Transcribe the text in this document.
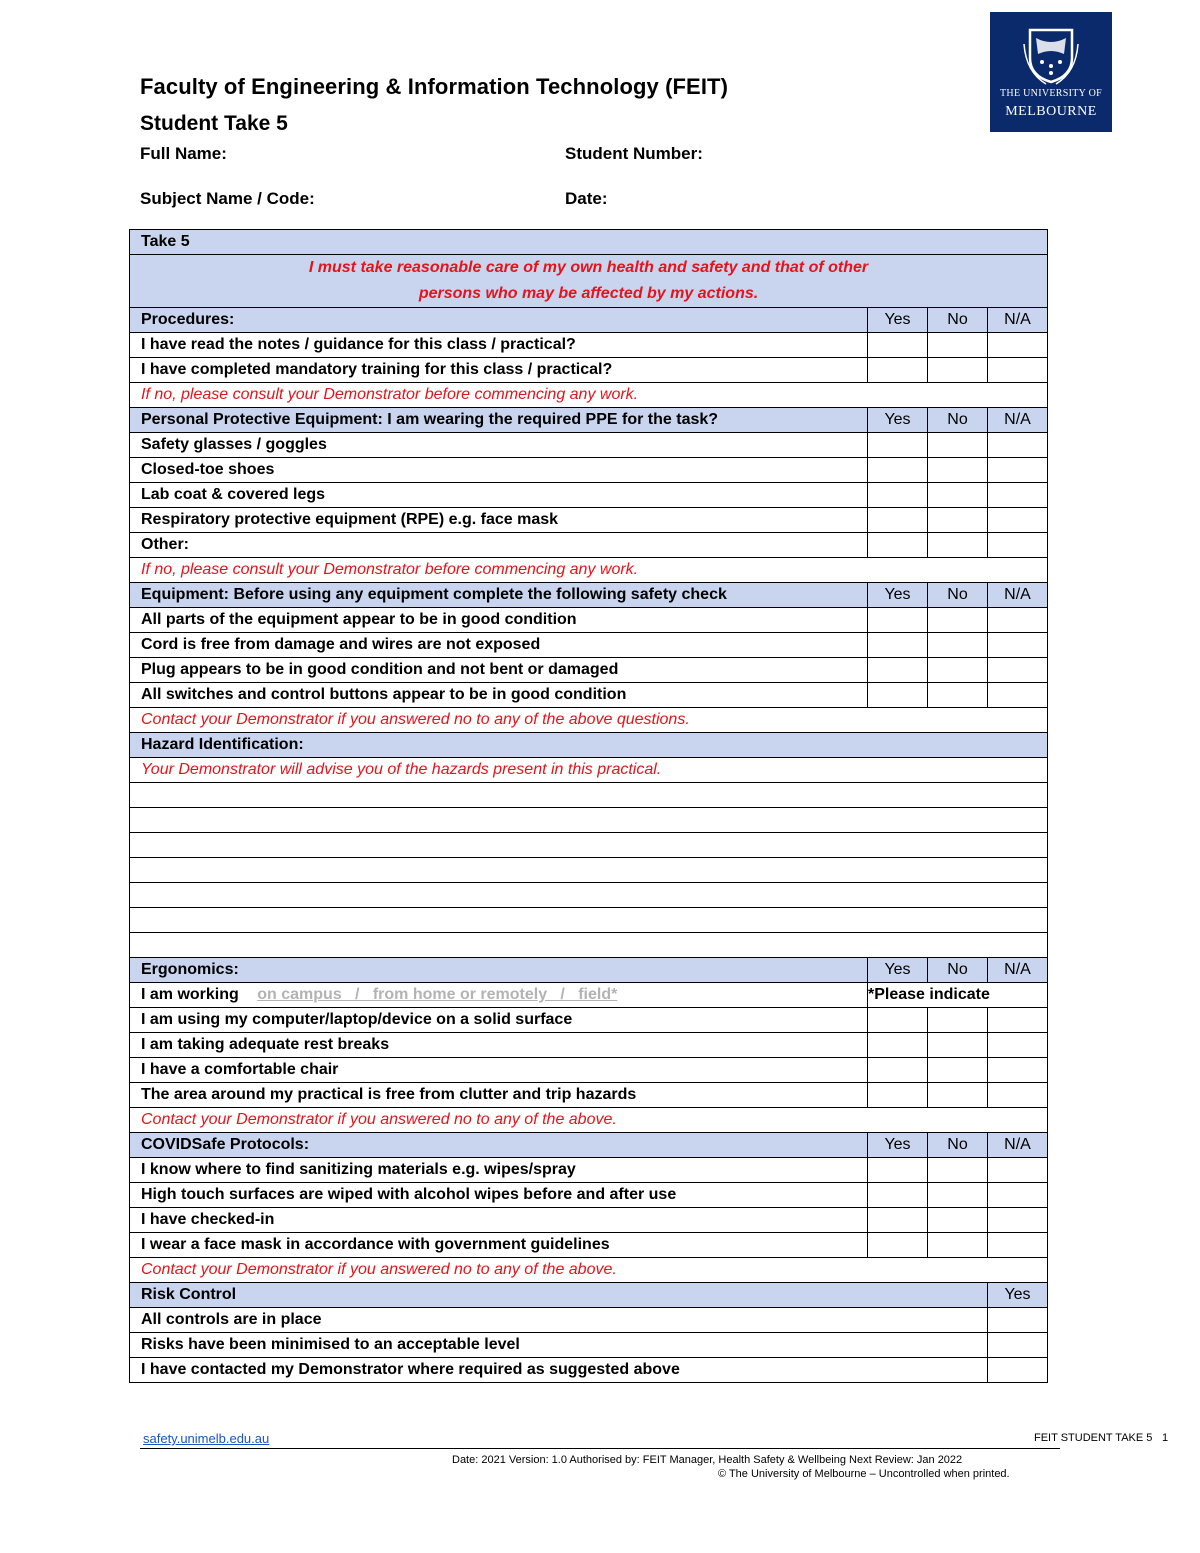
Faculty of Engineering & Information Technology (FEIT)
Student Take 5
Full Name:	Student Number:
Subject Name / Code:	Date:
THE UNIVERSITY OF
MELBOURNE
Take 5			
I must take reasonable care of my own health and safety and that of other
persons who may be affected by my actions.			
Procedures:	Yes	No	N/A
I have read the notes / guidance for this class / practical?			
I have completed mandatory training for this class / practical?			
If no, please consult your Demonstrator before commencing any work.			
Personal Protective Equipment: I am wearing the required PPE for the task?	Yes	No	N/A
Safety glasses / goggles			
Closed-toe shoes			
Lab coat & covered legs			
Respiratory protective equipment (RPE) e.g. face mask			
Other:			
If no, please consult your Demonstrator before commencing any work.			
Equipment: Before using any equipment complete the following safety check	Yes	No	N/A
All parts of the equipment appear to be in good condition			
Cord is free from damage and wires are not exposed			
Plug appears to be in good condition and not bent or damaged			
All switches and control buttons appear to be in good condition			
Contact your Demonstrator if you answered no to any of the above questions.			
Hazard Identification:			
Your Demonstrator will advise you of the hazards present in this practical.			

Ergonomics:	Yes	No	N/A
I am working on campus   /   from home or remotely   /   field*	*Please indicate		
I am using my computer/laptop/device on a solid surface			
I am taking adequate rest breaks			
I have a comfortable chair			
The area around my practical is free from clutter and trip hazards			
Contact your Demonstrator if you answered no to any of the above.			
COVIDSafe Protocols:	Yes	No	N/A
I know where to find sanitizing materials e.g. wipes/spray			
High touch surfaces are wiped with alcohol wipes before and after use			
I have checked-in			
I wear a face mask in accordance with government guidelines			
Contact your Demonstrator if you answered no to any of the above.			
Risk Control			Yes
All controls are in place			
Risks have been minimised to an acceptable level			
I have contacted my Demonstrator where required as suggested above			
safety.unimelb.edu.au	FEIT STUDENT TAKE 5 1
Date: 2021 Version: 1.0 Authorised by: FEIT Manager, Health Safety & Wellbeing Next Review: Jan 2022
© The University of Melbourne – Uncontrolled when printed.
